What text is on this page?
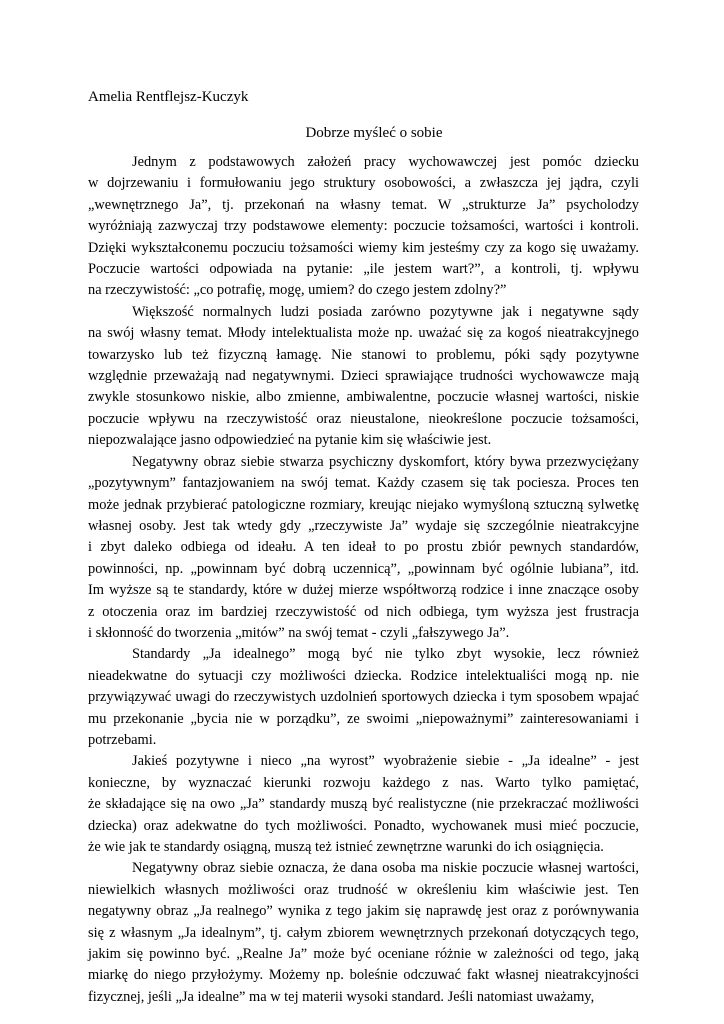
Amelia Rentflejsz-Kuczyk
Dobrze myśleć o sobie
Jednym z podstawowych założeń pracy wychowawczej jest pomóc dziecku
w dojrzewaniu i formułowaniu jego struktury osobowości, a zwłaszcza jej jądra, czyli
„wewnętrznego Ja”, tj. przekonań na własny temat. W „strukturze Ja” psycholodzy
wyróżniają zazwyczaj trzy podstawowe elementy: poczucie tożsamości, wartości i kontroli.
Dzięki wykształconemu poczuciu tożsamości wiemy kim jesteśmy czy za kogo się uważamy.
Poczucie wartości odpowiada na pytanie: „ile jestem wart?”, a kontroli, tj. wpływu
na rzeczywistość: „co potrafię, mogę, umiem? do czego jestem zdolny?”
Większość normalnych ludzi posiada zarówno pozytywne jak i negatywne sądy
na swój własny temat. Młody intelektualista może np. uważać się za kogoś nieatrakcyjnego
towarzysko lub też fizyczną łamagę. Nie stanowi to problemu, póki sądy pozytywne
względnie przeważają nad negatywnymi. Dzieci sprawiające trudności wychowawcze mają
zwykle stosunkowo niskie, albo zmienne, ambiwalentne, poczucie własnej wartości, niskie
poczucie wpływu na rzeczywistość oraz nieustalone, nieokreślone poczucie tożsamości,
niepozwalające jasno odpowiedzieć na pytanie kim się właściwie jest.
Negatywny obraz siebie stwarza psychiczny dyskomfort, który bywa przezwyciężany
„pozytywnym” fantazjowaniem na swój temat. Każdy czasem się tak pociesza. Proces ten
może jednak przybierać patologiczne rozmiary, kreując niejako wymyśloną sztuczną sylwetkę
własnej osoby. Jest tak wtedy gdy „rzeczywiste Ja” wydaje się szczególnie nieatrakcyjne
i zbyt daleko odbiega od ideału. A ten ideał to po prostu zbiór pewnych standardów,
powinności, np. „powinnam być dobrą uczennicą”, „powinnam być ogólnie lubiana”, itd.
Im wyższe są te standardy, które w dużej mierze współtworzą rodzice i inne znaczące osoby
z otoczenia oraz im bardziej rzeczywistość od nich odbiega, tym wyższa jest frustracja
i skłonność do tworzenia „mitów” na swój temat - czyli „fałszywego Ja”.
Standardy „Ja idealnego” mogą być nie tylko zbyt wysokie, lecz również
nieadekwatne do sytuacji czy możliwości dziecka. Rodzice intelektualiści mogą np. nie
przywiązywać uwagi do rzeczywistych uzdolnień sportowych dziecka i tym sposobem wpajać
mu przekonanie „bycia nie w porządku”, ze swoimi „niepoważnymi” zainteresowaniami i
potrzebami.
Jakieś pozytywne i nieco „na wyrost” wyobrażenie siebie - „Ja idealne” - jest
konieczne, by wyznaczać kierunki rozwoju każdego z nas. Warto tylko pamiętać,
że składające się na owo „Ja” standardy muszą być realistyczne (nie przekraczać możliwości
dziecka) oraz adekwatne do tych możliwości. Ponadto, wychowanek musi mieć poczucie,
że wie jak te standardy osiągną, muszą też istnieć zewnętrzne warunki do ich osiągnięcia.
Negatywny obraz siebie oznacza, że dana osoba ma niskie poczucie własnej wartości,
niewielkich własnych możliwości oraz trudność w określeniu kim właściwie jest. Ten
negatywny obraz „Ja realnego” wynika z tego jakim się naprawdę jest oraz z porównywania
się z własnym „Ja idealnym”, tj. całym zbiorem wewnętrznych przekonań dotyczących tego,
jakim się powinno być. „Realne Ja” może być oceniane różnie w zależności od tego, jaką
miarkę do niego przyłożymy. Możemy np. boleśnie odczuwać fakt własnej nieatrakcyjności
fizycznej, jeśli „Ja idealne” ma w tej materii wysoki standard. Jeśli natomiast uważamy,
